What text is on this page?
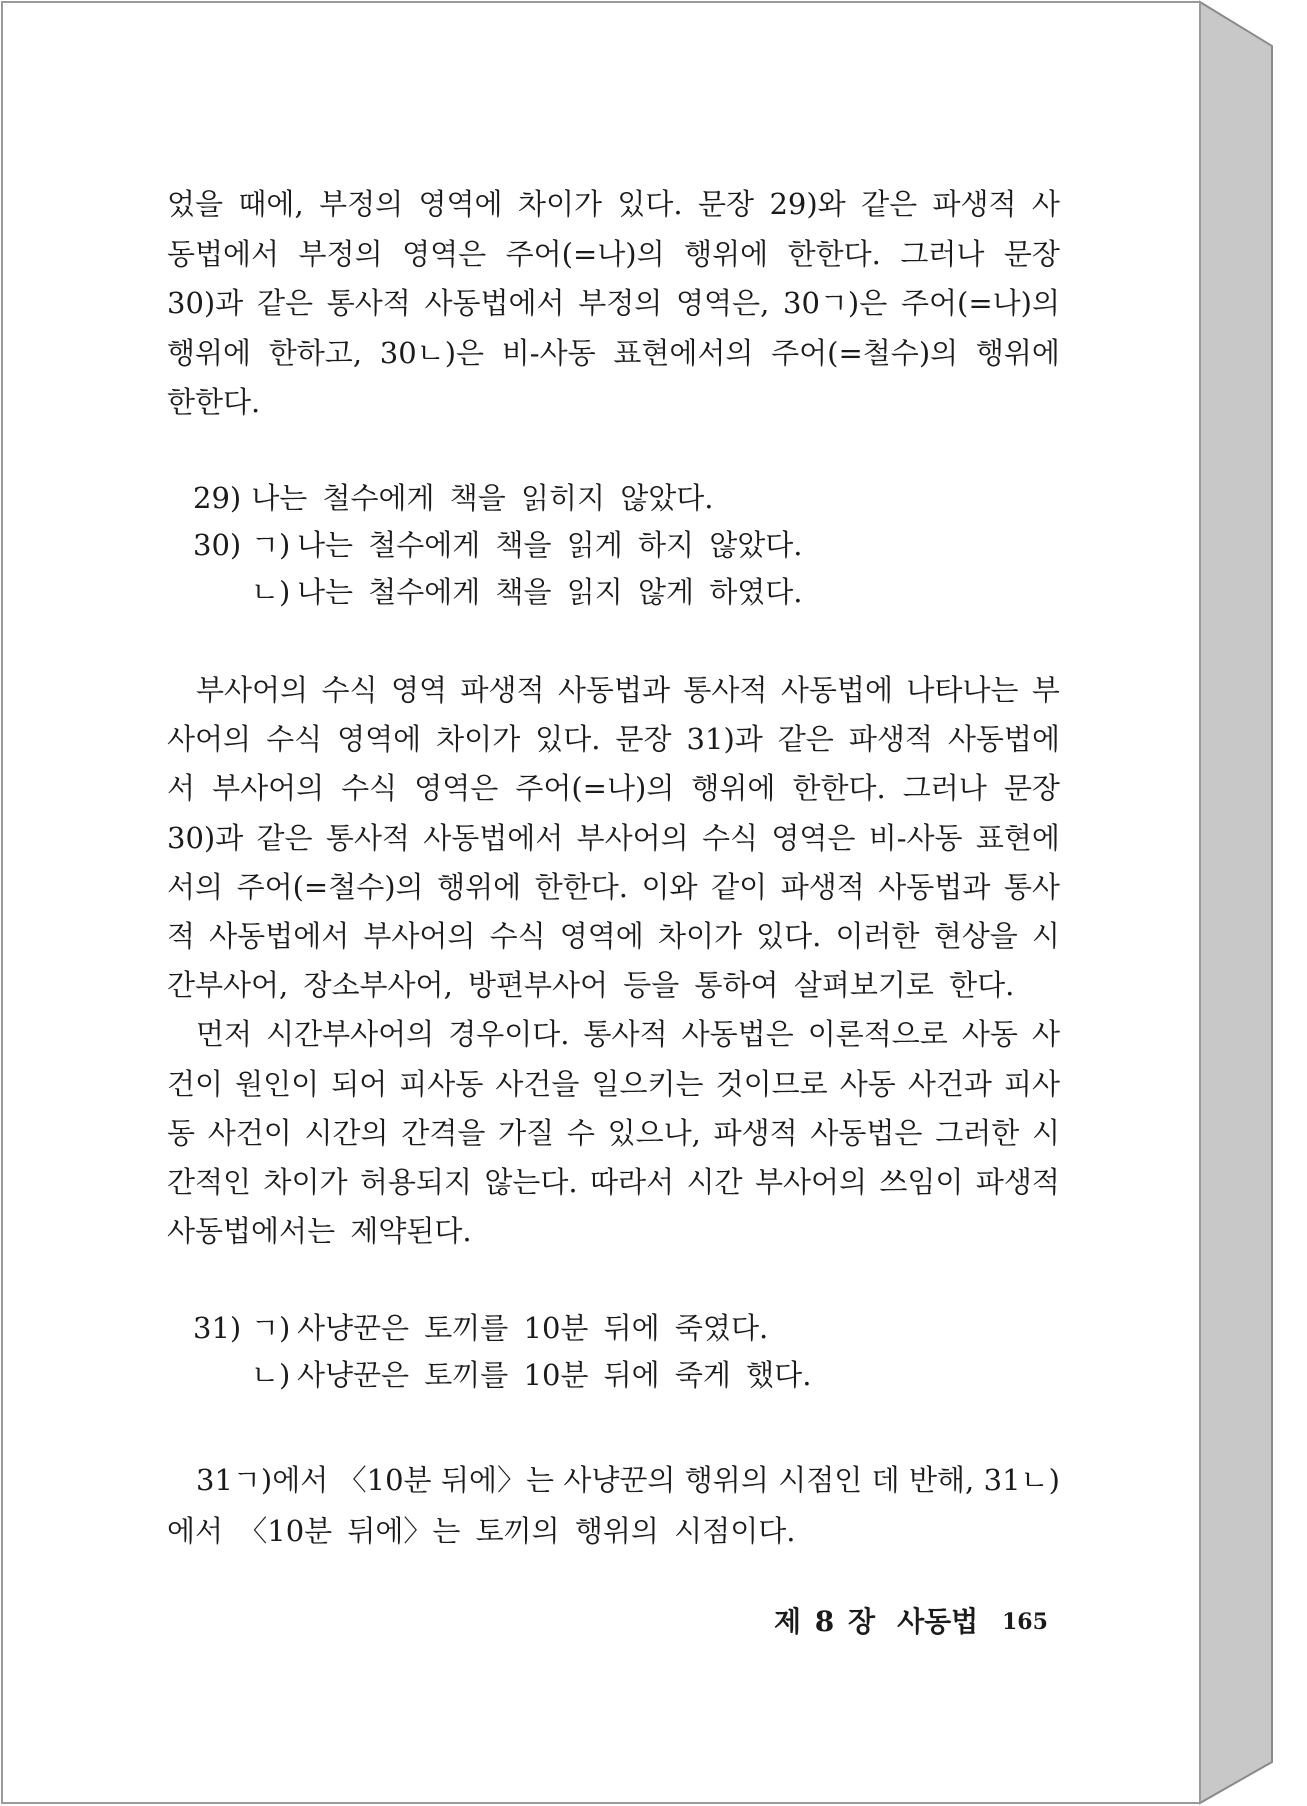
었을 때에, 부정의 영역에 차이가 있다. 문장 29)와 같은 파생적 사
동법에서 부정의 영역은 주어(=나)의 행위에 한한다. 그러나 문장
30)과 같은 통사적 사동법에서 부정의 영역은, 30ㄱ)은 주어(=나)의
행위에 한하고, 30ㄴ)은 비-사동 표현에서의 주어(=철수)의 행위에
한한다.
29) 나는 철수에게 책을 읽히지 않았다.
30) ㄱ) 나는 철수에게 책을 읽게 하지 않았다.
ㄴ) 나는 철수에게 책을 읽지 않게 하였다.
부사어의 수식 영역 파생적 사동법과 통사적 사동법에 나타나는 부
사어의 수식 영역에 차이가 있다. 문장 31)과 같은 파생적 사동법에
서 부사어의 수식 영역은 주어(=나)의 행위에 한한다. 그러나 문장
30)과 같은 통사적 사동법에서 부사어의 수식 영역은 비-사동 표현에
서의 주어(=철수)의 행위에 한한다. 이와 같이 파생적 사동법과 통사
적 사동법에서 부사어의 수식 영역에 차이가 있다. 이러한 현상을 시
간부사어, 장소부사어, 방편부사어 등을 통하여 살펴보기로 한다.
먼저 시간부사어의 경우이다. 통사적 사동법은 이론적으로 사동 사
건이 원인이 되어 피사동 사건을 일으키는 것이므로 사동 사건과 피사
동 사건이 시간의 간격을 가질 수 있으나, 파생적 사동법은 그러한 시
간적인 차이가 허용되지 않는다. 따라서 시간 부사어의 쓰임이 파생적
사동법에서는 제약된다.
31) ㄱ) 사냥꾼은 토끼를 10분 뒤에 죽였다.
ㄴ) 사냥꾼은 토끼를 10분 뒤에 죽게 했다.
31ㄱ)에서 〈10분 뒤에〉는 사냥꾼의 행위의 시점인 데 반해, 31ㄴ)
에서 〈10분 뒤에〉는 토끼의 행위의 시점이다.
제 8 장 사동법 165
